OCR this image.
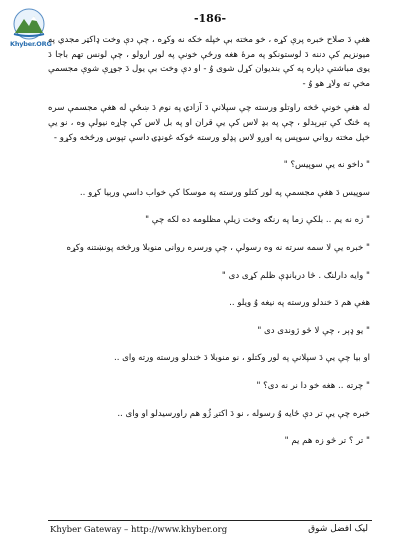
Khyber.ORG
-186-

هغې دَ صلاح خبره پرې کړه ، خو مخته بې خپله خکه نه وکړه ، چې دې وخت ډاکټر مجدي په میونزیم کې دننه دَ لوستونکو په مرۀ هغه ورځې خونې په لور ارولو ، چې لونس تهم باجا دَ یوی مباشتې دپاره په کې بندیوان کړل شوی وُ - او دې وخت بې یول دَ جوړې شوې مجسمې مخې ته ولاړ هو وُ -

له هغې خونې څخه راوتلو ورسته چې سپلانې دَ آزادۍ په نوم دَ ښځې له هغې مجسمې سره په څنګ کې تېرېدلو ، چې په بډ لاس کې یې قران او په بل لاس کې چاړه نیولې وه ، نو یې خپل مخته رواني سوپس په اوږو لاس پډلو ورسته څوکه غونډۍ داسې تپوس ورڅخه وکړو -

" داخو نه یې سوپیس؟ "

سوپیس دَ هغې مجسمې په لور کتلو ورسته په موسکا کې خواب داسې ورېیا کړو ..

" زه نه یم .. بلکې زما په رنګه وخت زیلې مظلومه ده لکه چې "

" خبره یې لا سمه سرته نه وه رسولې ، چې ورسره روانی منوبلا ورڅخه پونښتنه وکړه

" وایه دارلنګ . څا دربانډې ظلم کړی دی "

هغې هم دَ خندلو ورسته په نیغه وُ ویلو ..

" یو ډېر ، چې لا څو ژوندی دی "

او بیا چې یې دَ سپلانې په لور وکتلو ، نو منوبلا دَ خندلو ورسته ورته وای ..

" چرته .. هغه خو دا نر نه دی؟ "

خبره چې یې تر دې ځایه وُ رسوله ، نو دَ اکتږ ژُو هم راورسیدلو او وای ..

" تر ؟ تر څو زه هم یم "

Khyber Gateway – http://www.khyber.org	لیک افضل شوق
